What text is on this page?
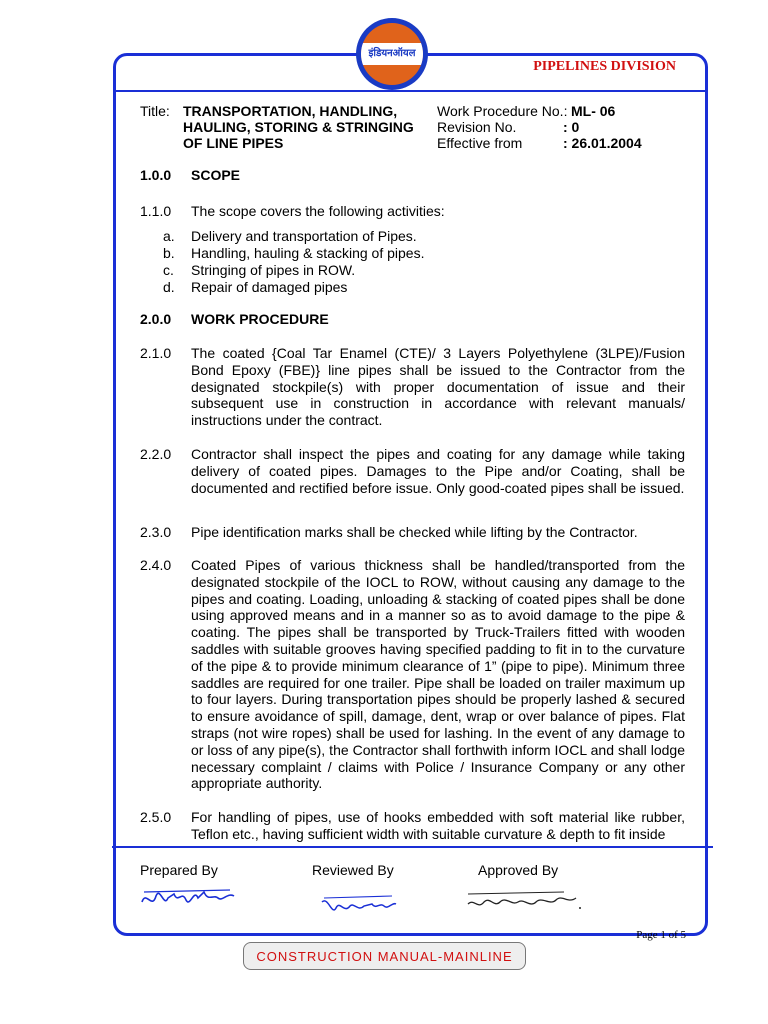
इंडियनऑयल
PIPELINES DIVISION
Title: TRANSPORTATION, HANDLING,
HAULING, STORING & STRINGING
OF LINE PIPES
Work Procedure No.: ML- 06
Revision No.	: 0
Effective from	: 26.01.2004
1.0.0 SCOPE
1.1.0 The scope covers the following activities:
a. Delivery and transportation of Pipes.
b. Handling, hauling & stacking of pipes.
c. Stringing of pipes in ROW.
d. Repair of damaged pipes
2.0.0 WORK PROCEDURE
2.1.0 The coated {Coal Tar Enamel (CTE)/ 3 Layers Polyethylene (3LPE)/Fusion Bond Epoxy (FBE)} line pipes shall be issued to the Contractor from the designated stockpile(s) with proper documentation of issue and their subsequent use in construction in accordance with relevant manuals/ instructions under the contract.
2.2.0 Contractor shall inspect the pipes and coating for any damage while taking delivery of coated pipes. Damages to the Pipe and/or Coating, shall be documented and rectified before issue. Only good-coated pipes shall be issued.
2.3.0 Pipe identification marks shall be checked while lifting by the Contractor.
2.4.0 Coated Pipes of various thickness shall be handled/transported from the designated stockpile of the IOCL to ROW, without causing any damage to the pipes and coating. Loading, unloading & stacking of coated pipes shall be done using approved means and in a manner so as to avoid damage to the pipe & coating. The pipes shall be transported by Truck-Trailers fitted with wooden saddles with suitable grooves having specified padding to fit in to the curvature of the pipe & to provide minimum clearance of 1” (pipe to pipe). Minimum three saddles are required for one trailer. Pipe shall be loaded on trailer maximum up to four layers. During transportation pipes should be properly lashed & secured to ensure avoidance of spill, damage, dent, wrap or over balance of pipes. Flat straps (not wire ropes) shall be used for lashing. In the event of any damage to or loss of any pipe(s), the Contractor shall forthwith inform IOCL and shall lodge necessary complaint / claims with Police / Insurance Company or any other appropriate authority.
2.5.0 For handling of pipes, use of hooks embedded with soft material like rubber, Teflon etc., having sufficient width with suitable curvature & depth to fit inside
Prepared By	Reviewed By	Approved By
Page 1 of 5
CONSTRUCTION MANUAL-MAINLINE
